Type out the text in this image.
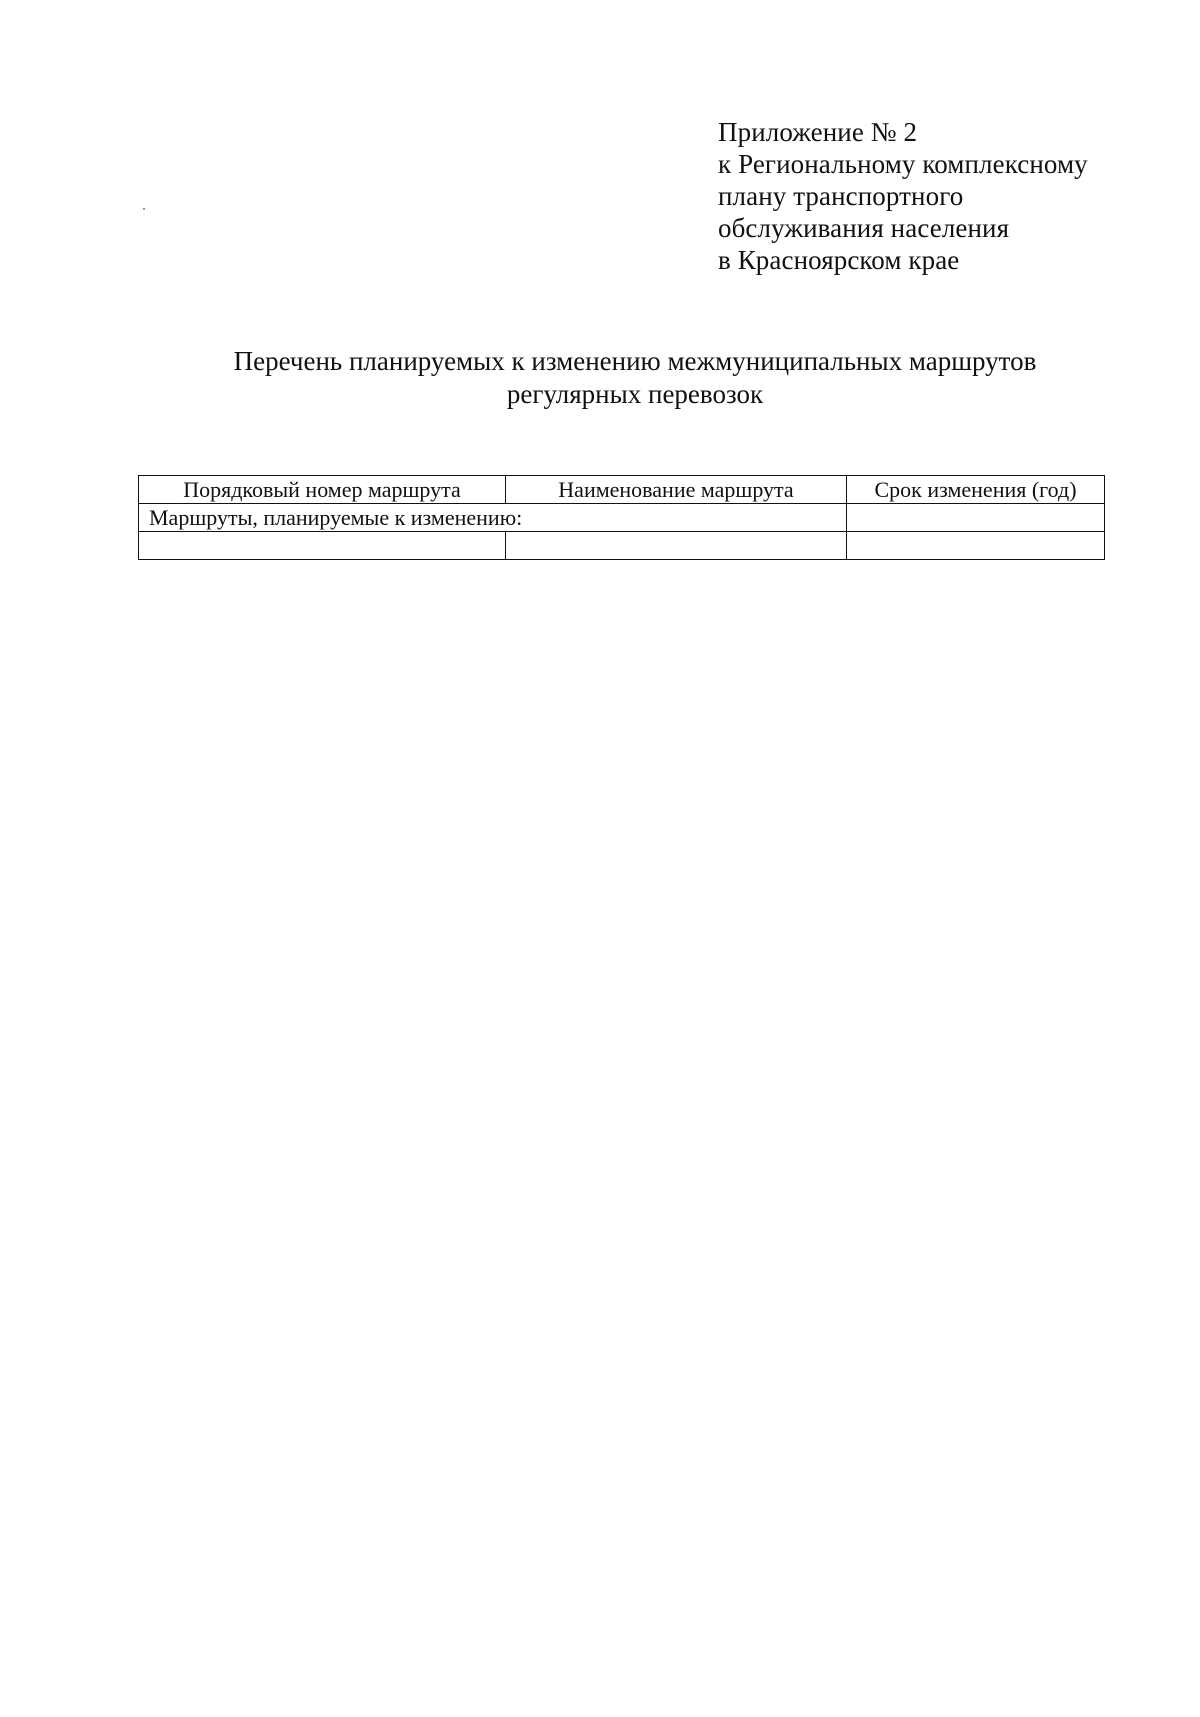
Приложение № 2
к Региональному комплексному
плану транспортного
обслуживания населения
в Красноярском крае
Перечень планируемых к изменению межмуниципальных маршрутов
регулярных перевозок
Порядковый номер маршрута	Наименование маршрута	Срок изменения (год)
Маршруты, планируемые к изменению:		
